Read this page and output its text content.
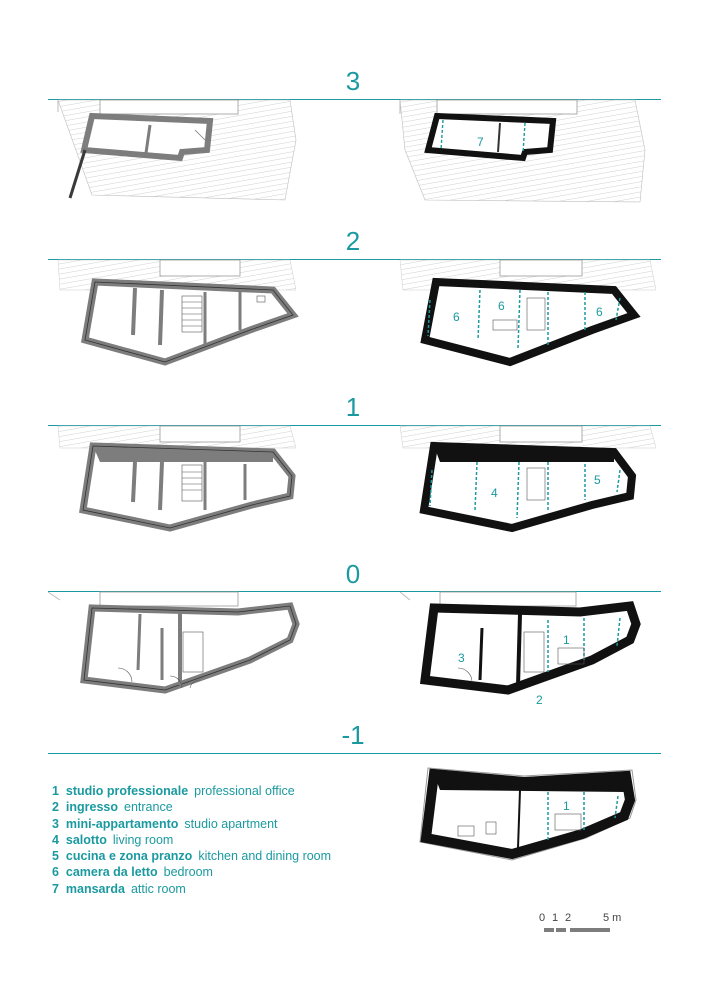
3
2
1
0
-1
7
6
6	6
4
5
3
1
2
1
1 studio professionale professional office
2 ingresso entrance
3 mini-appartamento studio apartment
4 salotto living room
5 cucina e zona pranzo kitchen and dining room
6 camera da letto bedroom
7 mansarda attic room
0 1 2	5 m
